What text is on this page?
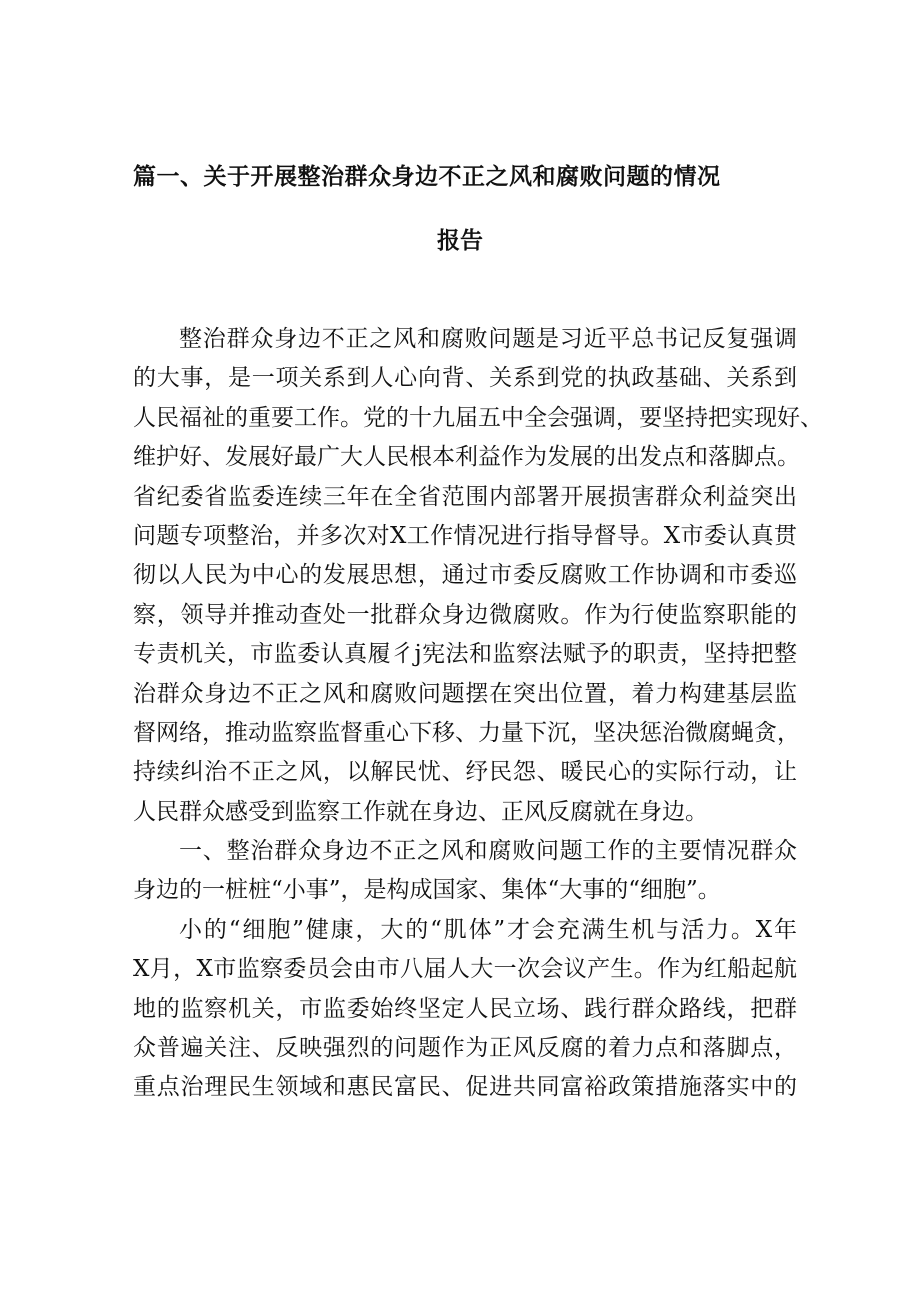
篇一、关于开展整治群众身边不正之风和腐败问题的情况
报告
整治群众身边不正之风和腐败问题是习近平总书记反复强调
的大事，是一项关系到人心向背、关系到党的执政基础、关系到
人民福祉的重要工作。党的十九届五中全会强调，要坚持把实现好、
维护好、发展好最广大人民根本利益作为发展的出发点和落脚点。
省纪委省监委连续三年在全省范围内部署开展损害群众利益突出
问题专项整治，并多次对X工作情况进行指导督导。X市委认真贯
彻以人民为中心的发展思想，通过市委反腐败工作协调和市委巡
察，领导并推动查处一批群众身边微腐败。作为行使监察职能的
专责机关，市监委认真履彳j宪法和监察法赋予的职责，坚持把整
治群众身边不正之风和腐败问题摆在突出位置，着力构建基层监
督网络，推动监察监督重心下移、力量下沉，坚决惩治微腐蝇贪，
持续纠治不正之风，以解民忧、纾民怨、暖民心的实际行动，让
人民群众感受到监察工作就在身边、正风反腐就在身边。
一、整治群众身边不正之风和腐败问题工作的主要情况群众
身边的一桩桩“小事”，是构成国家、集体“大事的“细胞”。
小的“细胞”健康，大的“肌体”才会充满生机与活力。X年
X月，X市监察委员会由市八届人大一次会议产生。作为红船起航
地的监察机关，市监委始终坚定人民立场、践行群众路线，把群
众普遍关注、反映强烈的问题作为正风反腐的着力点和落脚点，
重点治理民生领域和惠民富民、促进共同富裕政策措施落实中的
